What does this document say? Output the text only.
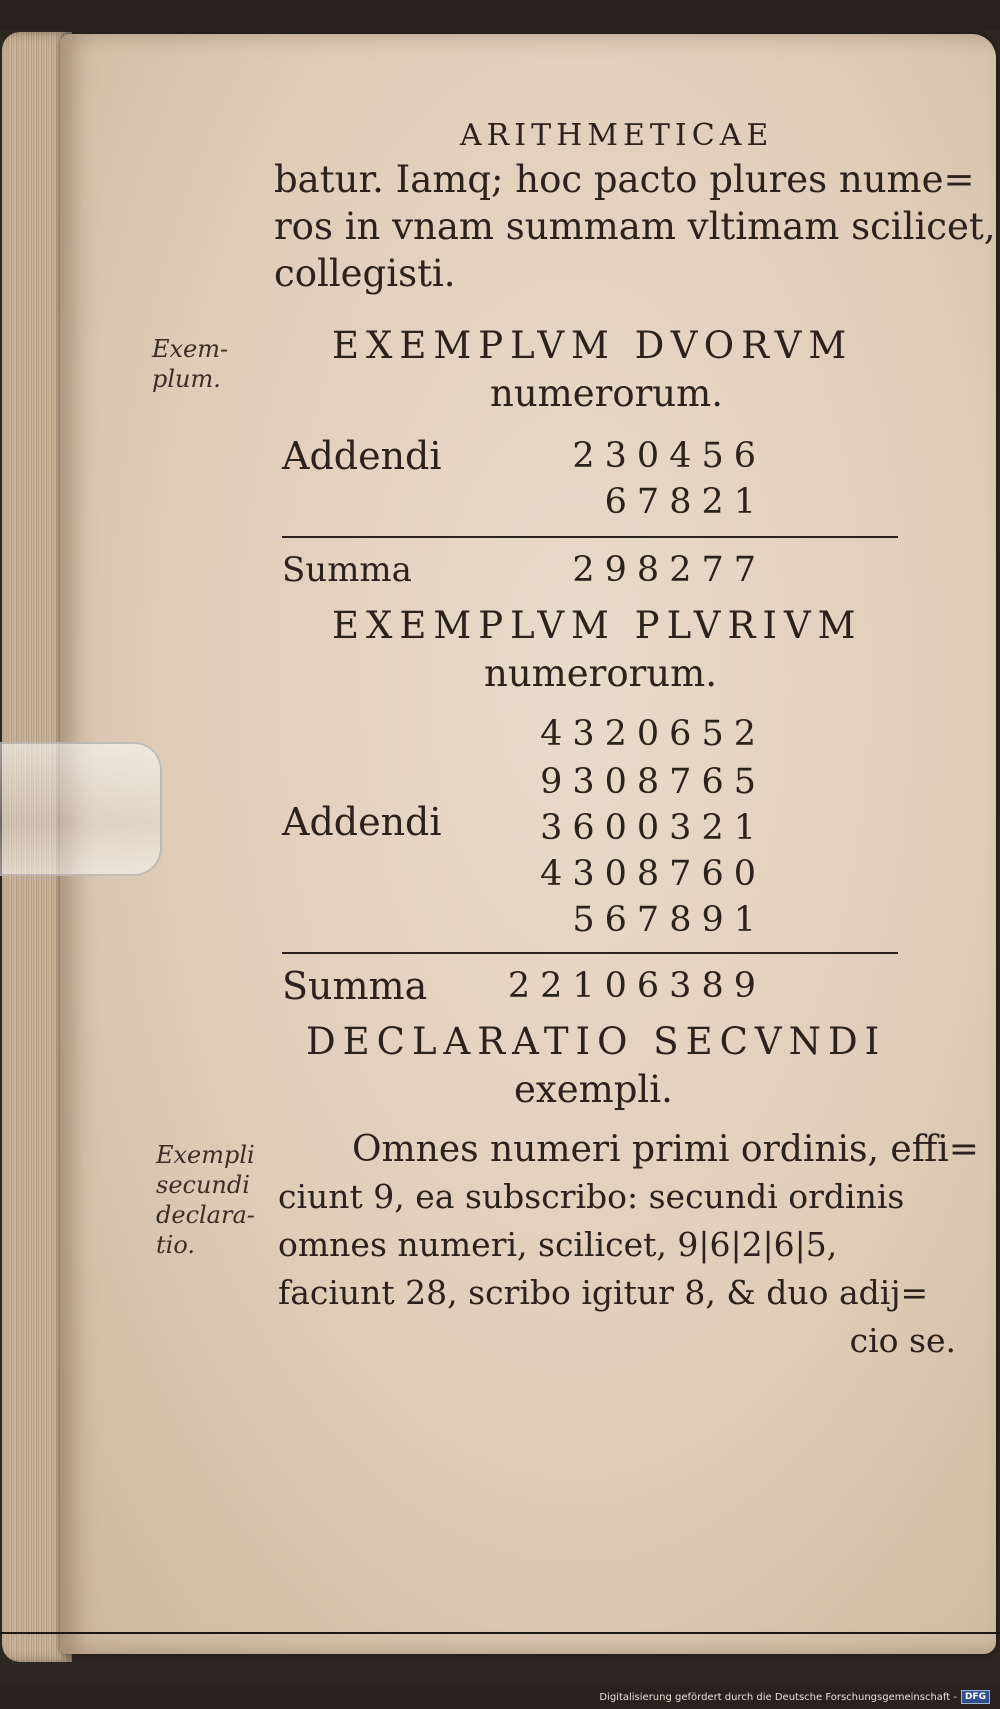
ARITHMETICAE

batur. Iamq; hoc pacto plures nume=

ros in vnam summam vltimam scilicet,

collegisti.

Exem-
plum.

EXEMPLVM DVORVM

numerorum.

Addendi	230456

67821

Summa	298277

EXEMPLVM PLVRIVM

numerorum.

4320652

9308765

Addendi	3600321

4308760

567891

Summa 22106389

DECLARATIO SECVNDI

exempli.

Exempli
secundi
declara-
tio.

Omnes numeri primi ordinis, effi=

ciunt 9, ea subscribo: secundi ordinis

omnes numeri, scilicet, 9|6|2|6|5,

faciunt 28, scribo igitur 8, & duo adij=

cio se.

Digitalisierung gefördert durch die Deutsche Forschungsgemeinschaft - DFG
